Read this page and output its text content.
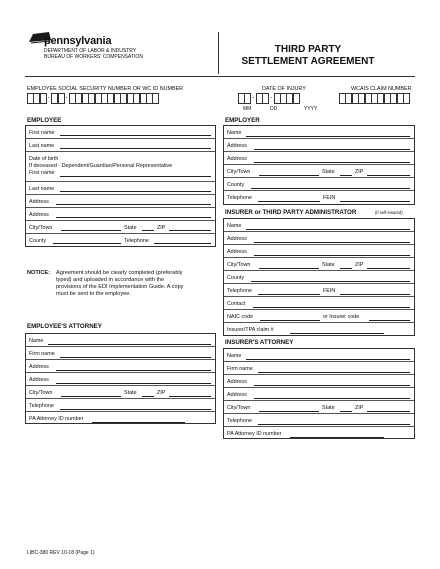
pennsylvania
DEPARTMENT OF LABOR & INDUSTRY
BUREAU OF WORKERS' COMPENSATION
THIRD PARTY
SETTLEMENT AGREEMENT
EMPLOYEE SOCIAL SECURITY NUMBER OR WC ID NUMBER
-	-
DATE OF INJURY
-	-
MM	DD	YYYY
WCAIS CLAIM NUMBER
EMPLOYEE
First name
Last name
Date of birth
If deceased - Dependent/Guardian/Personal Representative
First name
Last name
Address
Address
City/Town	State	ZIP
County	Telephone
NOTICE: Agreement should be clearly completed (preferably
typed) and uploaded in accordance with the
provisions of the EDI Implementation Guide. A copy
must be sent to the employee.
EMPLOYEE'S ATTORNEY
Name
Firm name
Address
Address
City/Town	State	ZIP
Telephone
PA Attorney ID number
EMPLOYER
Name
Address
Address
City/Town	State	ZIP
County
Telephone	FEIN
INSURER or THIRD PARTY ADMINISTRATOR	(if self-insured)
Name
Address
Address
City/Town	State	ZIP
County
Telephone	FEIN
Contact
NAIC code	or Insurer code
Insurer/TPA claim #
INSURER'S ATTORNEY
Name
Firm name
Address
Address
City/Town	State	ZIP
Telephone
PA Attorney ID number
LIBC-380 REV 10-18 (Page 1)
